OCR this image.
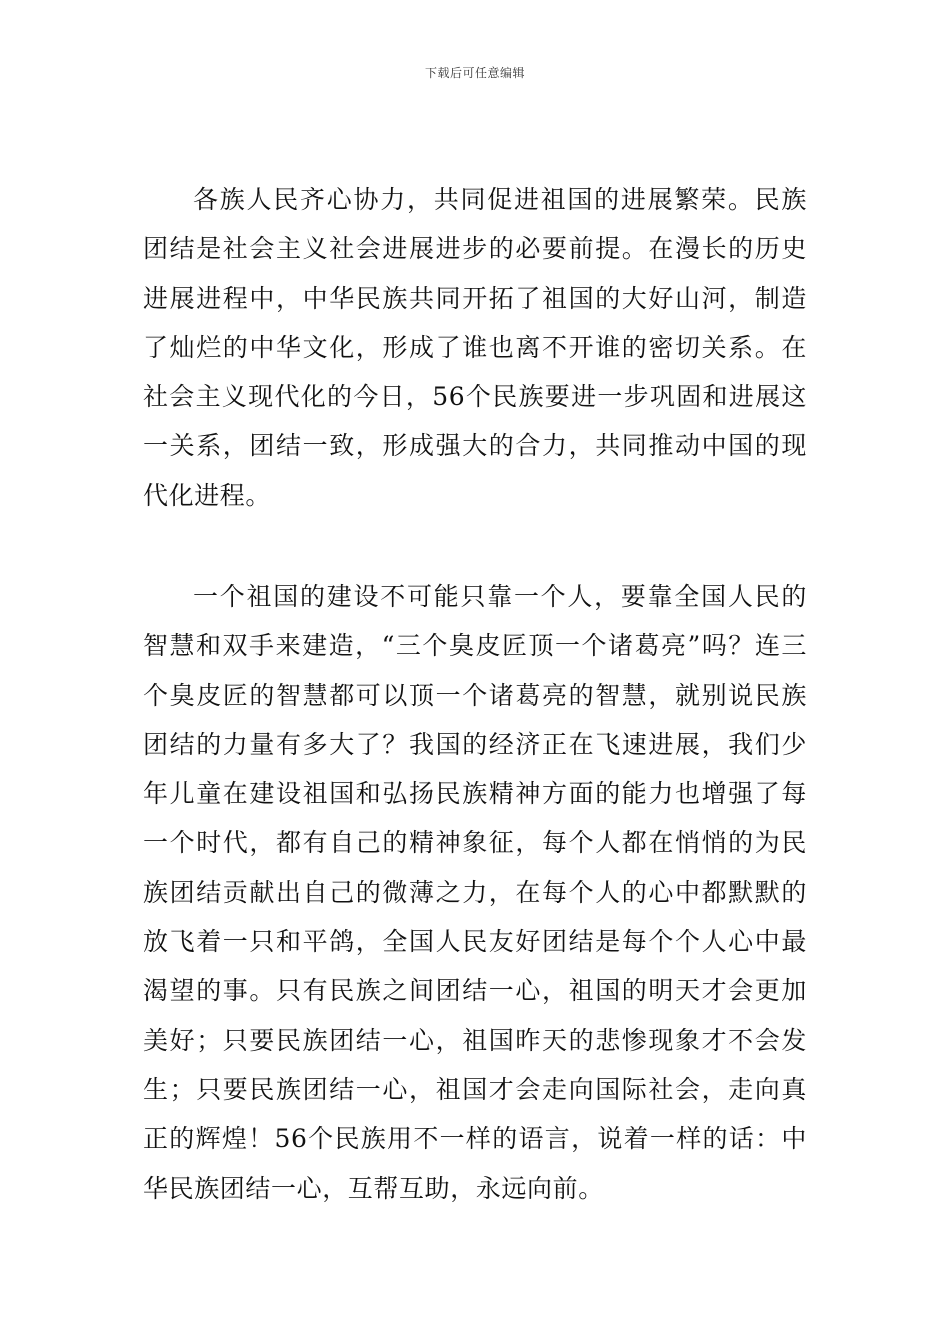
下载后可任意编辑

各族人民齐心协力，共同促进祖国的进展繁荣。民族团结是社会主义社会进展进步的必要前提。在漫长的历史进展进程中，中华民族共同开拓了祖国的大好山河，制造了灿烂的中华文化，形成了谁也离不开谁的密切关系。在社会主义现代化的今日，56个民族要进一步巩固和进展这一关系，团结一致，形成强大的合力，共同推动中国的现代化进程。

一个祖国的建设不可能只靠一个人，要靠全国人民的智慧和双手来建造，“三个臭皮匠顶一个诸葛亮”吗？连三个臭皮匠的智慧都可以顶一个诸葛亮的智慧，就别说民族团结的力量有多大了？我国的经济正在飞速进展，我们少年儿童在建设祖国和弘扬民族精神方面的能力也增强了每一个时代，都有自己的精神象征，每个人都在悄悄的为民族团结贡献出自己的微薄之力，在每个人的心中都默默的放飞着一只和平鸽，全国人民友好团结是每个个人心中最渴望的事。只有民族之间团结一心，祖国的明天才会更加美好；只要民族团结一心，祖国昨天的悲惨现象才不会发生；只要民族团结一心，祖国才会走向国际社会，走向真正的辉煌！56个民族用不一样的语言，说着一样的话：中华民族团结一心，互帮互助，永远向前。
